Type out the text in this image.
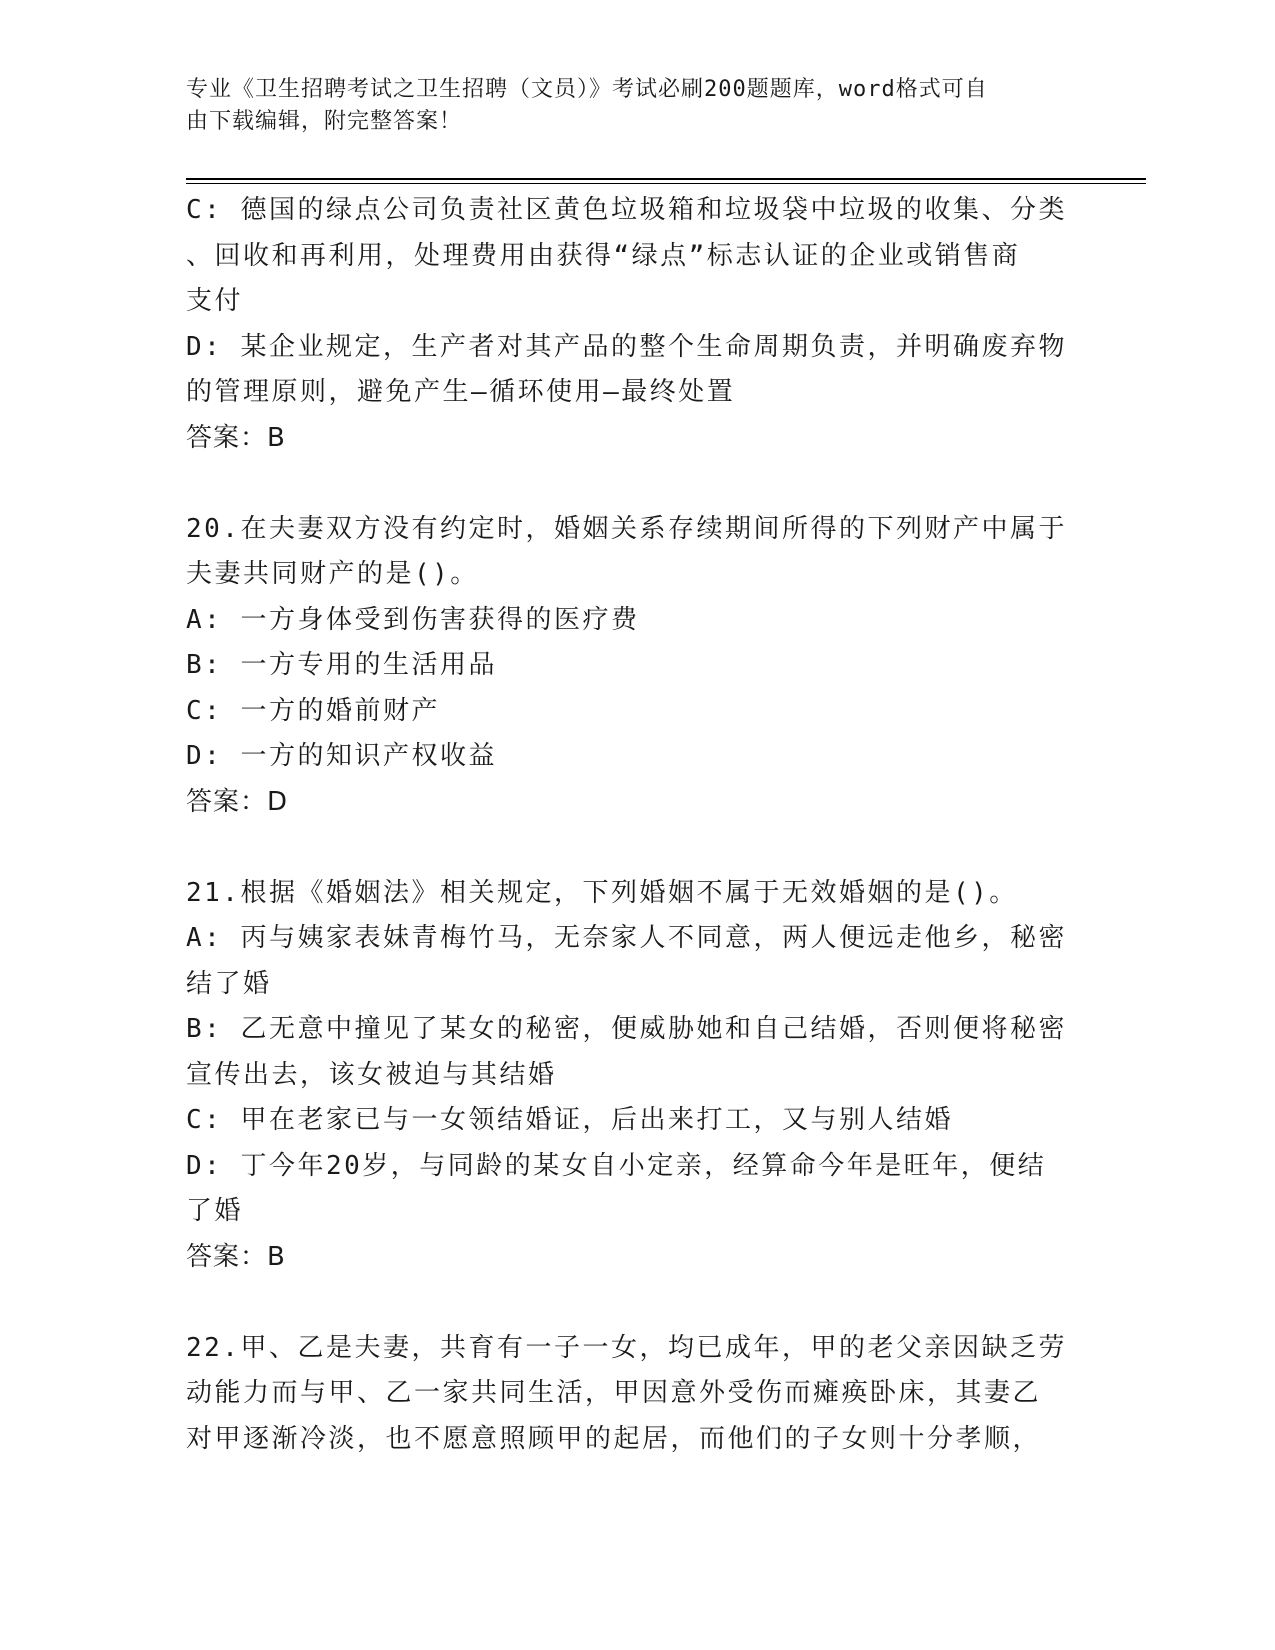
专业《卫生招聘考试之卫生招聘（文员）》考试必刷200题题库，word格式可自
由下载编辑，附完整答案！
C: 德国的绿点公司负责社区黄色垃圾箱和垃圾袋中垃圾的收集、分类
、回收和再利用，处理费用由获得“绿点”标志认证的企业或销售商
支付
D: 某企业规定，生产者对其产品的整个生命周期负责，并明确废弃物
的管理原则，避免产生—循环使用—最终处置
答案：B
20.在夫妻双方没有约定时，婚姻关系存续期间所得的下列财产中属于
夫妻共同财产的是()。
A: 一方身体受到伤害获得的医疗费
B: 一方专用的生活用品
C: 一方的婚前财产
D: 一方的知识产权收益
答案：D
21.根据《婚姻法》相关规定，下列婚姻不属于无效婚姻的是()。
A: 丙与姨家表妹青梅竹马，无奈家人不同意，两人便远走他乡，秘密
结了婚
B: 乙无意中撞见了某女的秘密，便威胁她和自己结婚，否则便将秘密
宣传出去，该女被迫与其结婚
C: 甲在老家已与一女领结婚证，后出来打工，又与别人结婚
D: 丁今年20岁，与同龄的某女自小定亲，经算命今年是旺年，便结
了婚
答案：B
22.甲、乙是夫妻，共育有一子一女，均已成年，甲的老父亲因缺乏劳
动能力而与甲、乙一家共同生活，甲因意外受伤而瘫痪卧床，其妻乙
对甲逐渐冷淡，也不愿意照顾甲的起居，而他们的子女则十分孝顺，
